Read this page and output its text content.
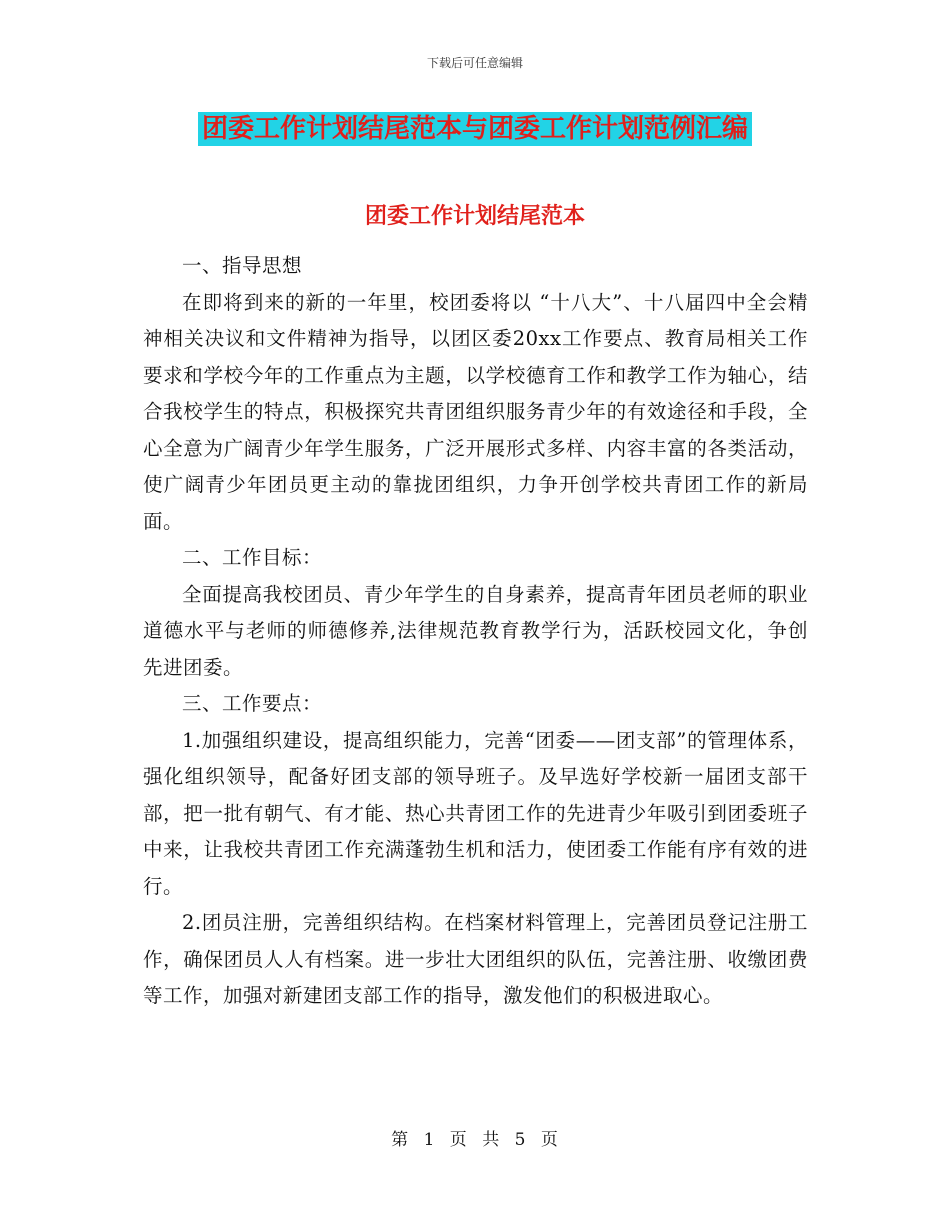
下载后可任意编辑
团委工作计划结尾范本与团委工作计划范例汇编
团委工作计划结尾范本

一、指导思想

在即将到来的新的一年里，校团委将以 “十八大”、十八届四中全会精神相关决议和文件精神为指导，以团区委20xx工作要点、教育局相关工作要求和学校今年的工作重点为主题，以学校德育工作和教学工作为轴心，结合我校学生的特点，积极探究共青团组织服务青少年的有效途径和手段，全心全意为广阔青少年学生服务，广泛开展形式多样、内容丰富的各类活动，使广阔青少年团员更主动的靠拢团组织，力争开创学校共青团工作的新局面。

二、工作目标：

全面提高我校团员、青少年学生的自身素养，提高青年团员老师的职业道德水平与老师的师德修养,法律规范教育教学行为，活跃校园文化，争创先进团委。

三、工作要点：

1.加强组织建设，提高组织能力，完善“团委——团支部”的管理体系，强化组织领导，配备好团支部的领导班子。及早选好学校新一届团支部干部，把一批有朝气、有才能、热心共青团工作的先进青少年吸引到团委班子中来，让我校共青团工作充满蓬勃生机和活力，使团委工作能有序有效的进行。

2.团员注册，完善组织结构。在档案材料管理上，完善团员登记注册工作，确保团员人人有档案。进一步壮大团组织的队伍，完善注册、收缴团费等工作，加强对新建团支部工作的指导，激发他们的积极进取心。

第 1 页 共 5 页
